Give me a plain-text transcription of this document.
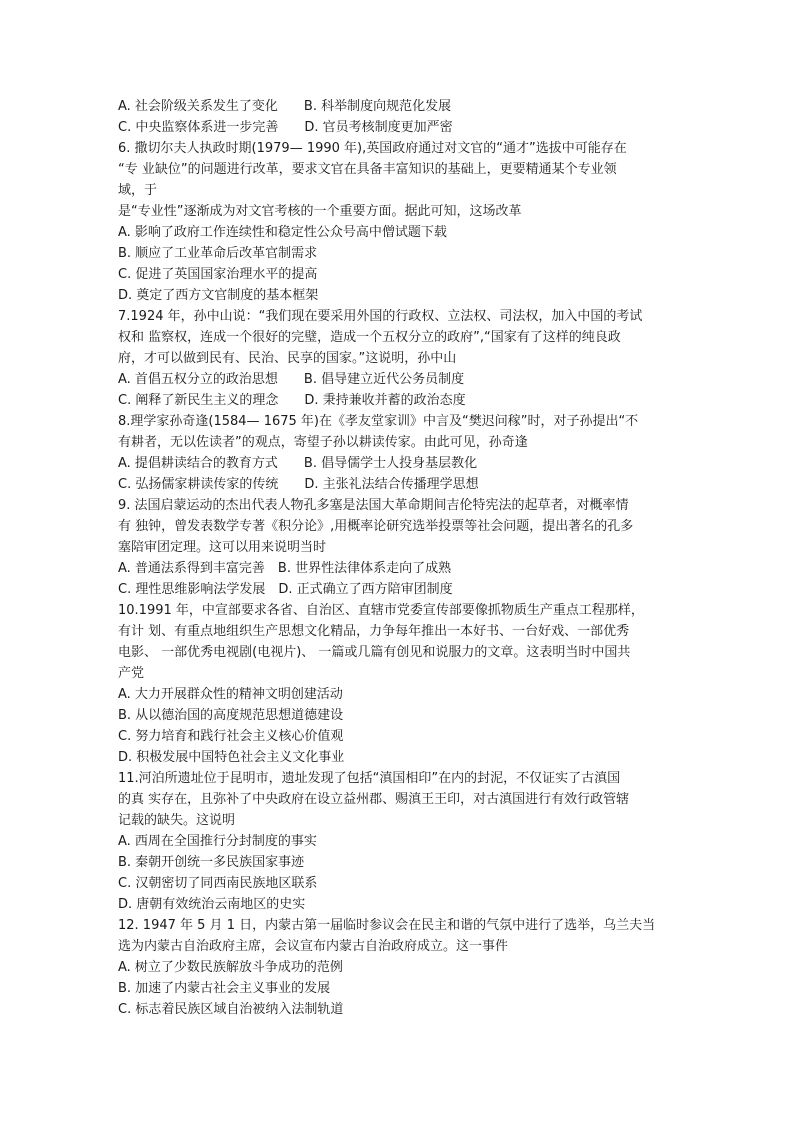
A. 社会阶级关系发生了变化　　B. 科举制度向规范化发展
C. 中央监察体系进一步完善　　D. 官员考核制度更加严密
6. 撒切尔夫人执政时期(1979— 1990 年),英国政府通过对文官的“通才”选拔中可能存在
“专 业缺位”的问题进行改革，要求文官在具备丰富知识的基础上，更要精通某个专业领
域，于
是“专业性”逐渐成为对文官考核的一个重要方面。据此可知，这场改革
A. 影响了政府工作连续性和稳定性公众号高中僧试题下载
B. 顺应了工业革命后改革官制需求
C. 促进了英国国家治理水平的提高
D. 奠定了西方文官制度的基本框架
7.1924 年，孙中山说：“我们现在要采用外国的行政权、立法权、司法权，加入中国的考试
权和 监察权，连成一个很好的完璧，造成一个五权分立的政府”,“国家有了这样的纯良政
府，才可以做到民有、民治、民享的国家。”这说明，孙中山
A. 首倡五权分立的政治思想　　B. 倡导建立近代公务员制度
C. 阐释了新民生主义的理念　　D. 秉持兼收并蓄的政治态度
8.理学家孙奇逢(1584— 1675 年)在《孝友堂家训》中言及“樊迟问稼”时，对子孙提出“不
有耕者，无以佐读者”的观点，寄望子孙以耕读传家。由此可见，孙奇逢
A. 提倡耕读结合的教育方式　　B. 倡导儒学士人投身基层教化
C. 弘扬儒家耕读传家的传统　　D. 主张礼法结合传播理学思想
9. 法国启蒙运动的杰出代表人物孔多塞是法国大革命期间吉伦特宪法的起草者，对概率情
有 独钟，曾发表数学专著《积分论》,用概率论研究选举投票等社会问题，提出著名的孔多
塞陪审团定理。这可以用来说明当时
A. 普通法系得到丰富完善　B. 世界性法律体系走向了成熟
C. 理性思维影响法学发展　D. 正式确立了西方陪审团制度
10.1991 年，中宣部要求各省、自治区、直辖市党委宣传部要像抓物质生产重点工程那样，
有计 划、有重点地组织生产思想文化精品，力争每年推出一本好书、一台好戏、一部优秀
电影、 一部优秀电视剧(电视片)、 一篇或几篇有创见和说服力的文章。这表明当时中国共
产党
A. 大力开展群众性的精神文明创建活动
B. 从以德治国的高度规范思想道德建设
C. 努力培育和践行社会主义核心价值观
D. 积极发展中国特色社会主义文化事业
11.河泊所遗址位于昆明市，遗址发现了包括“滇国相印”在内的封泥，不仅证实了古滇国
的真 实存在，且弥补了中央政府在设立益州郡、赐滇王王印，对古滇国进行有效行政管辖
记载的缺失。这说明
A. 西周在全国推行分封制度的事实
B. 秦朝开创统一多民族国家事迹
C. 汉朝密切了同西南民族地区联系
D. 唐朝有效统治云南地区的史实
12. 1947 年 5 月 1 日，内蒙古第一届临时参议会在民主和谐的气氛中进行了选举，乌兰夫当
选为内蒙古自治政府主席，会议宣布内蒙古自治政府成立。这一事件
A. 树立了少数民族解放斗争成功的范例
B. 加速了内蒙古社会主义事业的发展
C. 标志着民族区域自治被纳入法制轨道
